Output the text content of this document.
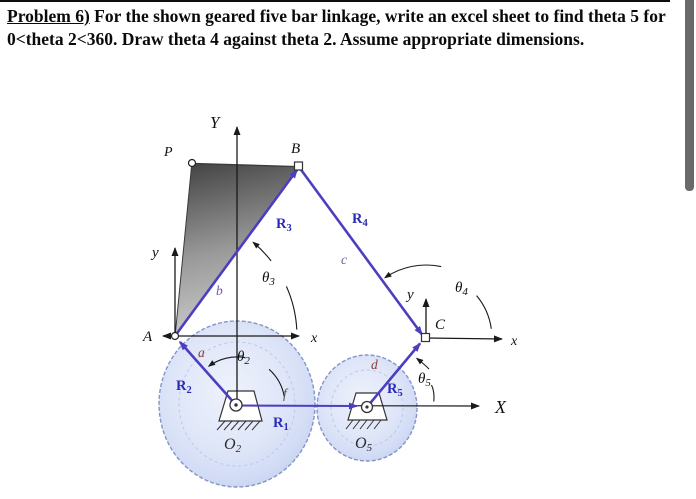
Problem 6) For the shown geared five bar linkage, write an excel sheet to find theta 5 for
0<theta 2<360. Draw theta 4 against theta 2. Assume appropriate dimensions.
Y
X
x
y
x
y
A
B
C
P
O2	O5
$\theta_2$
$\theta_3$	$\theta_4$
$\theta_5$
$R_2$
$R_3$
$R_4$
$R_1$
$R_5$
a
b
c
d
f
